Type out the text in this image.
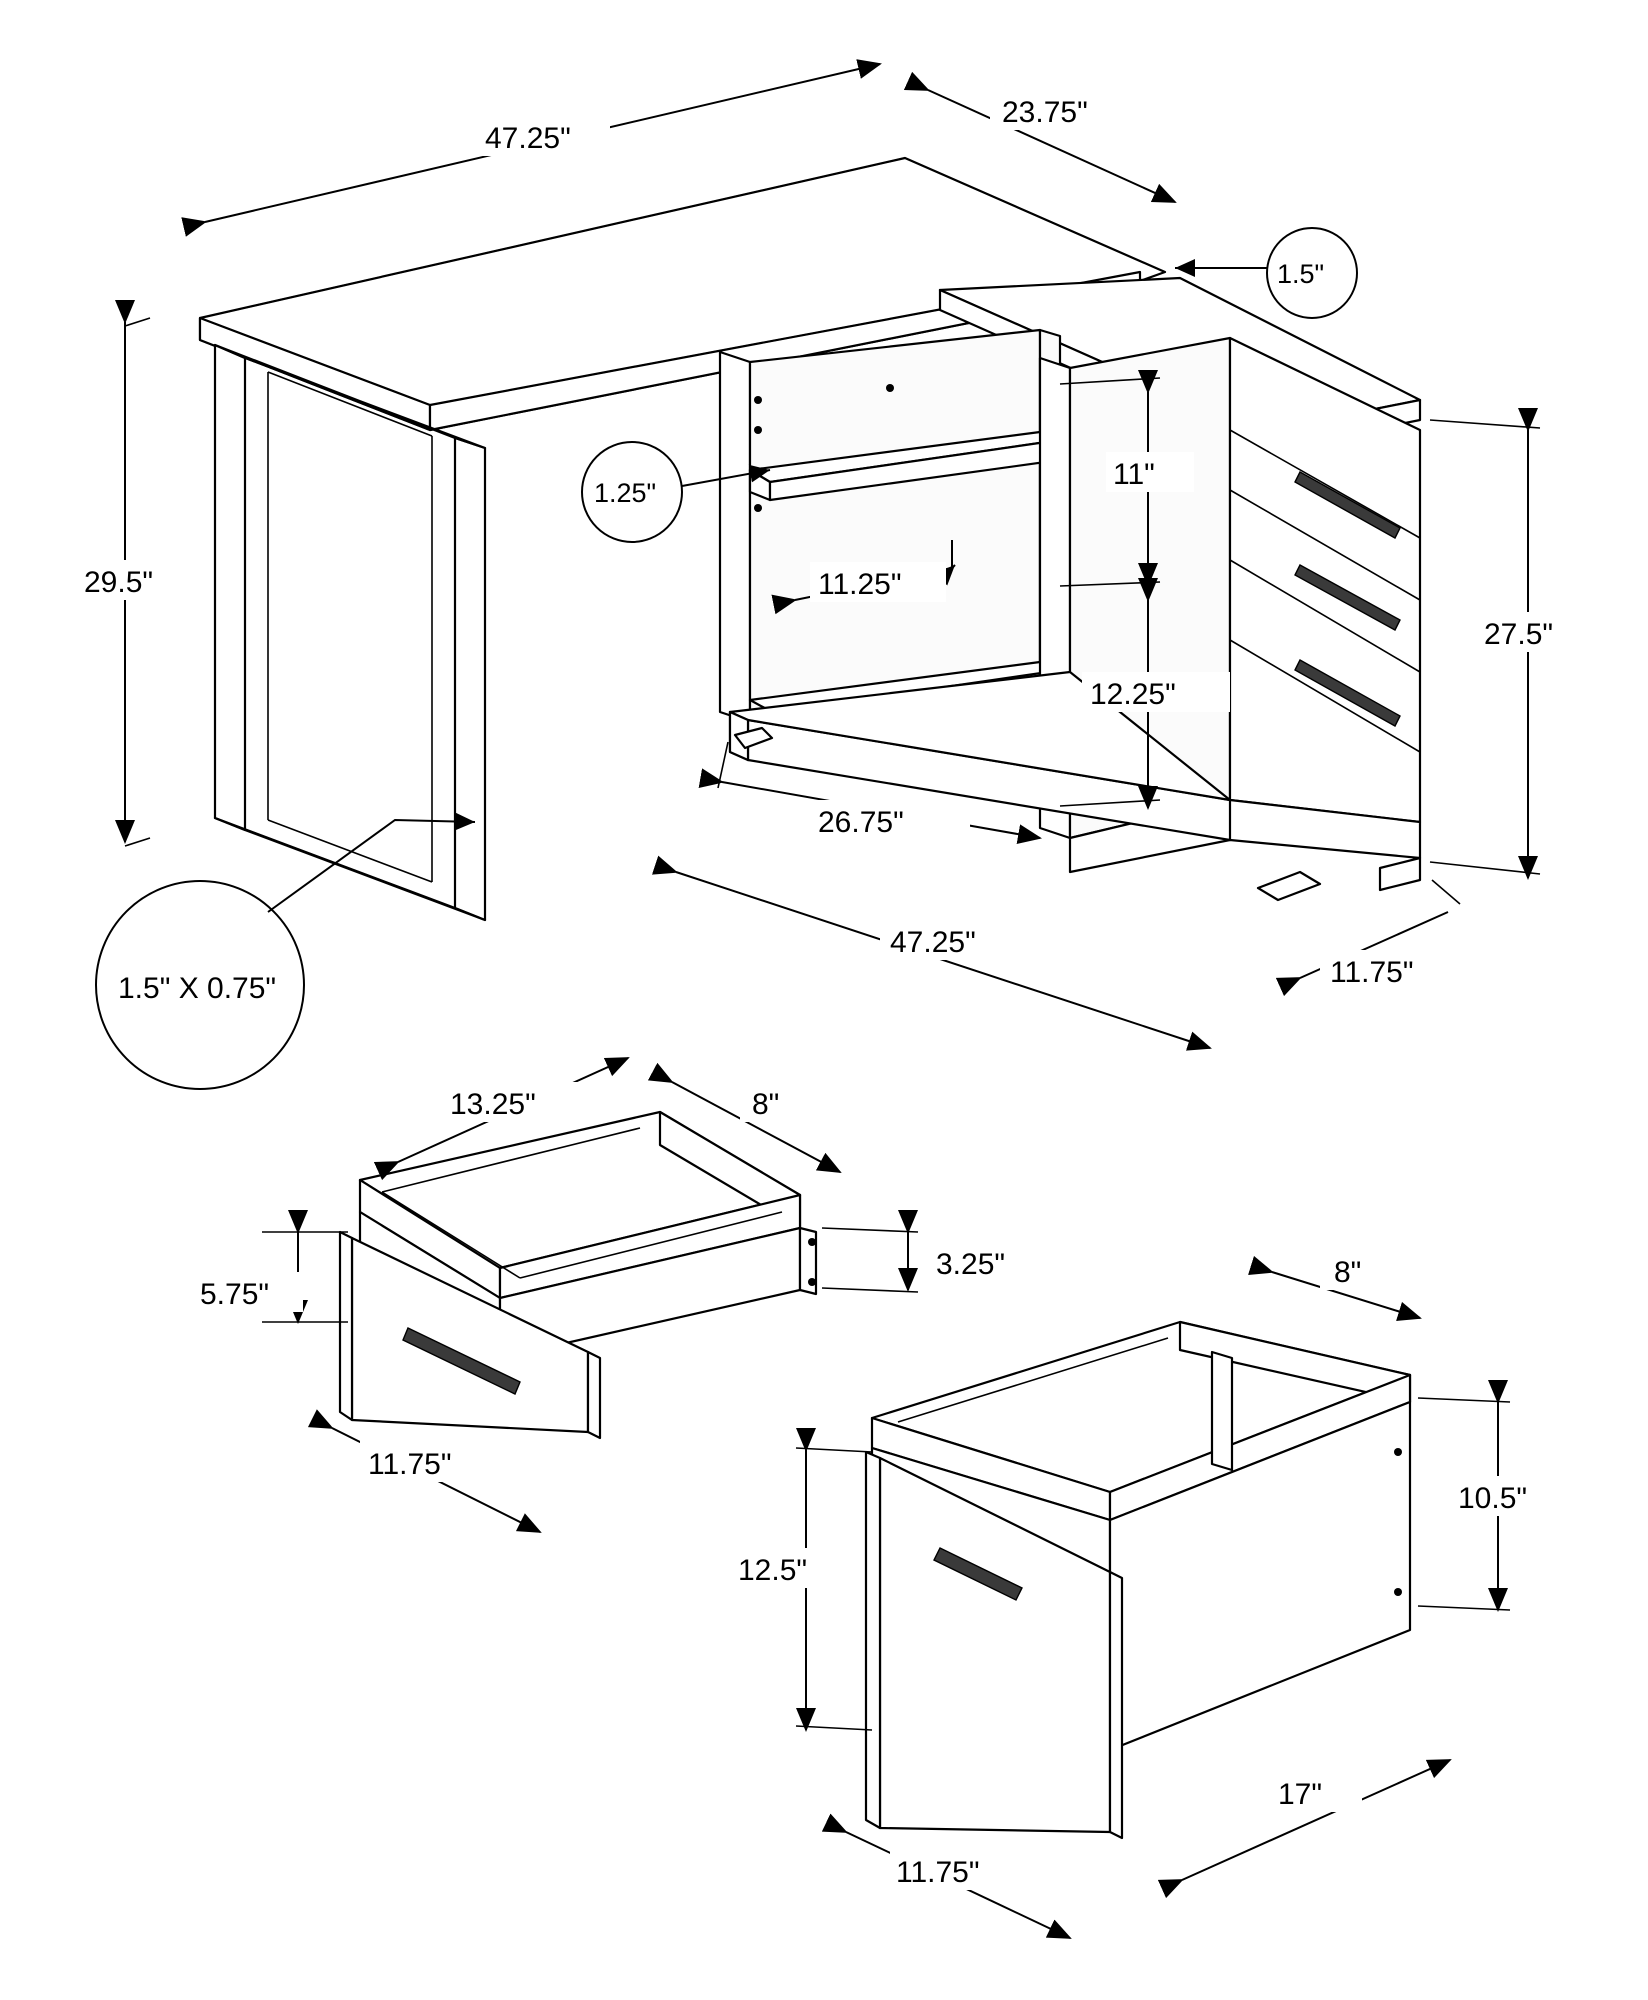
47.25"
23.75"
1.5"
29.5"
1.25"
11.25"
11"
12.25"
26.75"
47.25"
27.5"
11.75"
1.5" X 0.75"
13.25"	8"
5.75"
3.25"
11.75"
8"
12.5"
10.5"
11.75"
17"
